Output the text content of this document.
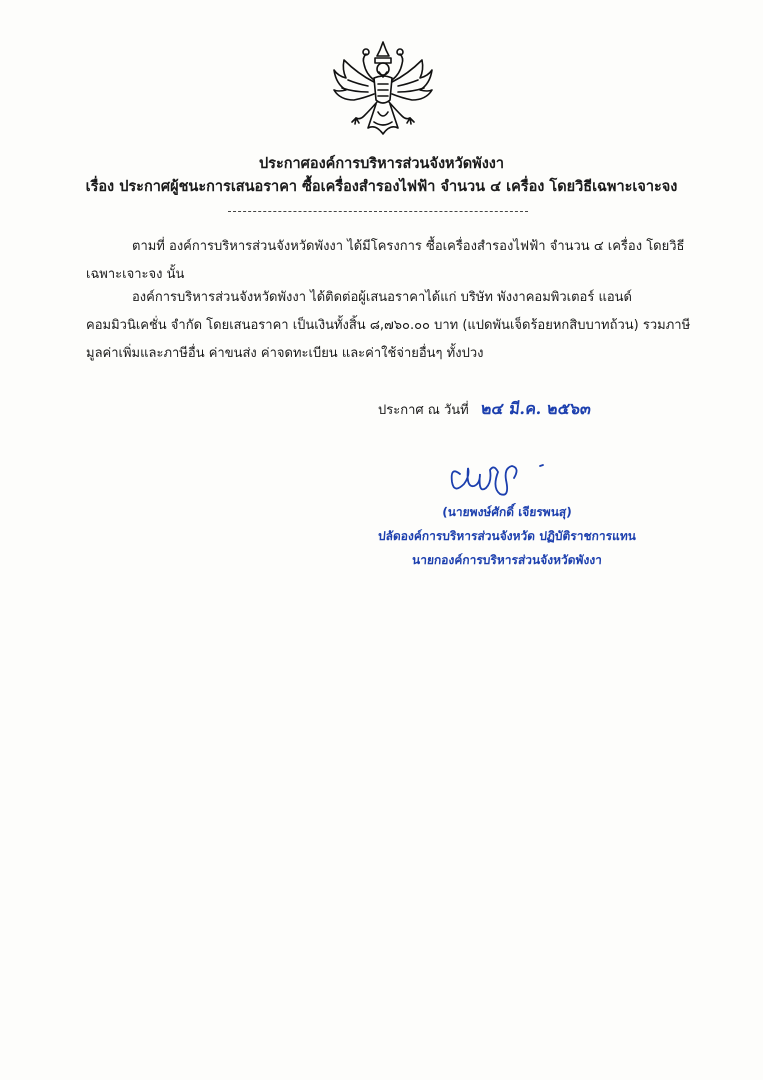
ประกาศองค์การบริหารส่วนจังหวัดพังงา
เรื่อง ประกาศผู้ชนะการเสนอราคา ซื้อเครื่องสำรองไฟฟ้า จำนวน ๔ เครื่อง โดยวิธีเฉพาะเจาะจง

ตามที่ องค์การบริหารส่วนจังหวัดพังงา ได้มีโครงการ ซื้อเครื่องสำรองไฟฟ้า จำนวน ๔ เครื่อง โดยวิธี

เฉพาะเจาะจง นั้น

องค์การบริหารส่วนจังหวัดพังงา ได้ติดต่อผู้เสนอราคาได้แก่ บริษัท พังงาคอมพิวเตอร์ แอนด์

คอมมิวนิเคชั่น จำกัด โดยเสนอราคา เป็นเงินทั้งสิ้น ๘,๗๖๐.๐๐ บาท (แปดพันเจ็ดร้อยหกสิบบาทถ้วน) รวมภาษี

มูลค่าเพิ่มและภาษีอื่น ค่าขนส่ง ค่าจดทะเบียน และค่าใช้จ่ายอื่นๆ ทั้งปวง

ประกาศ ณ วันที่ ๒๔ มี.ค. ๒๕๖๓
(นายพงษ์ศักดิ์ เจียรพนสุ)
ปลัดองค์การบริหารส่วนจังหวัด ปฏิบัติราชการแทน
นายกองค์การบริหารส่วนจังหวัดพังงา
